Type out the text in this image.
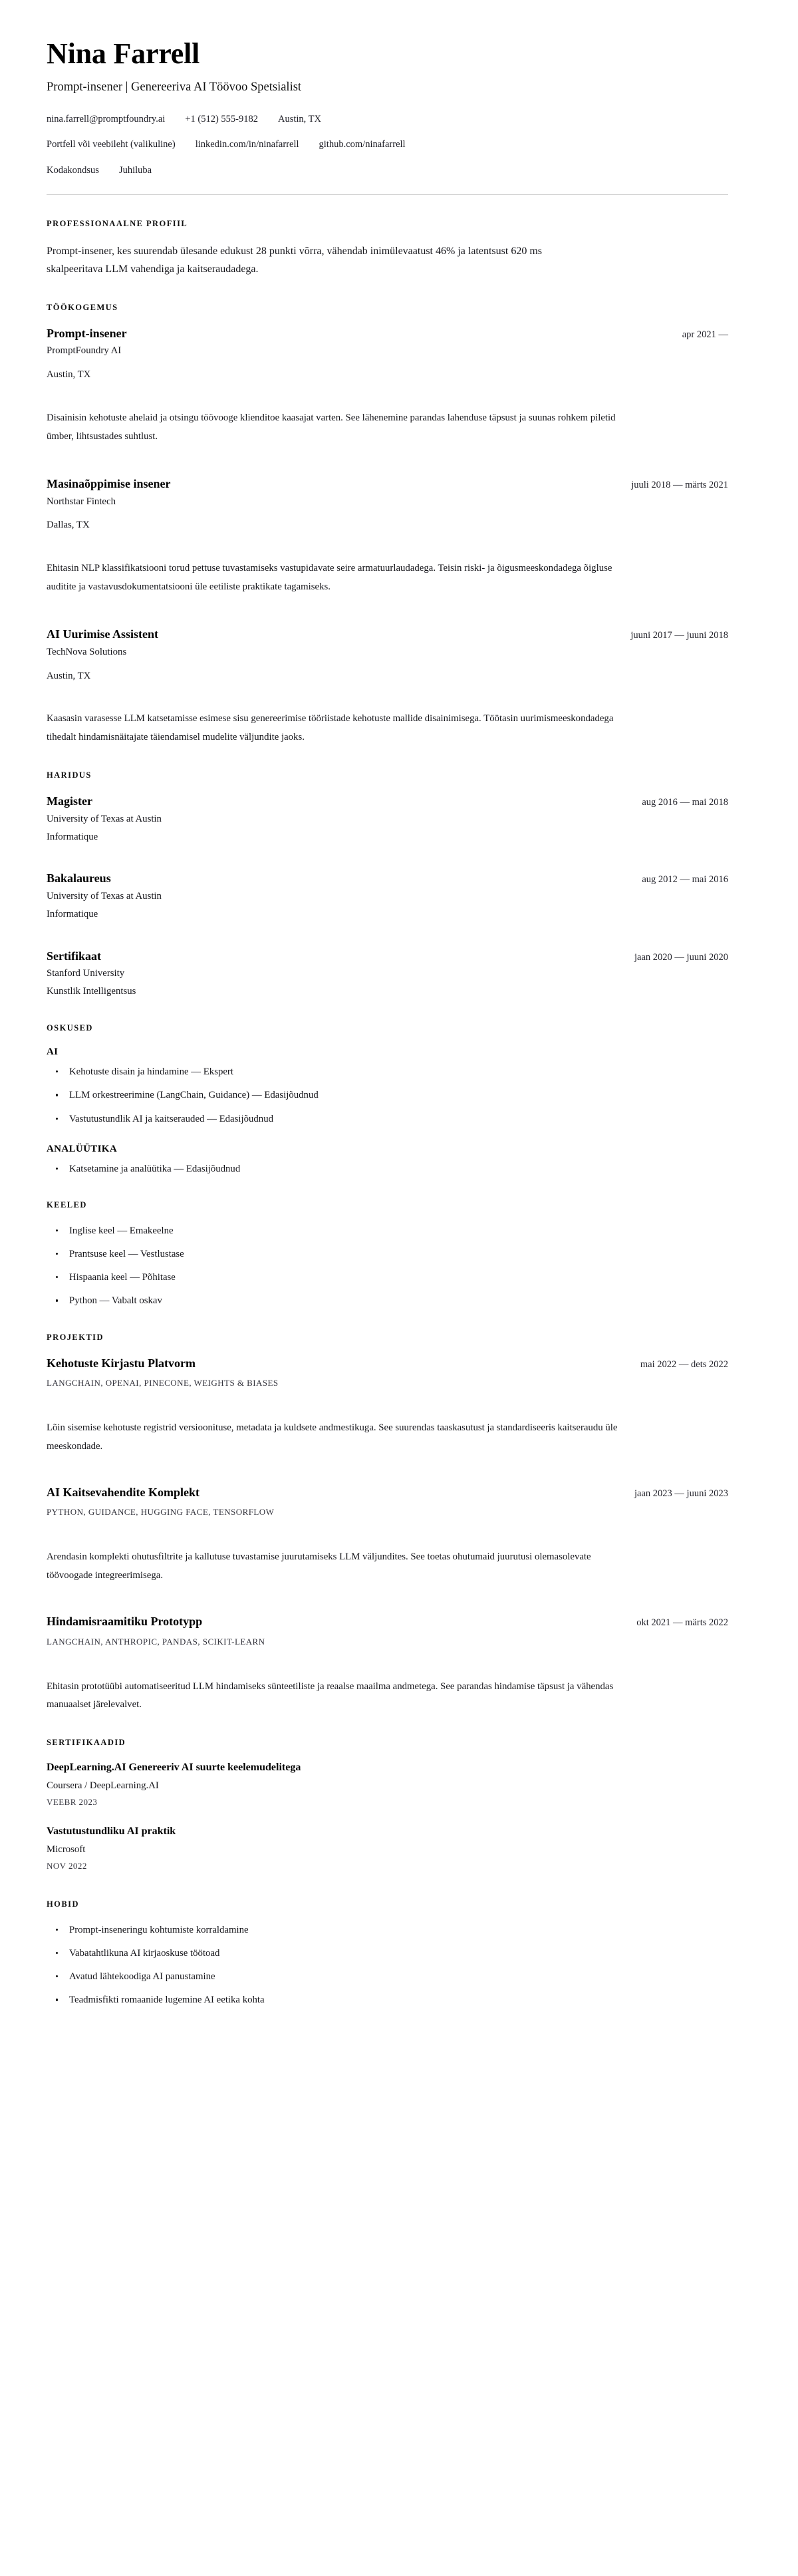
Nina Farrell

Prompt-insener | Genereeriva AI Töövoo Spetsialist

nina.farrell@promptfoundry.ai +1 (512) 555-9182 Austin, TX
Portfell või veebileht (valikuline) linkedin.com/in/ninafarrell github.com/ninafarrell
Kodakondsus Juhiluba
PROFESSIONAALNE PROFIIL

Prompt-insener, kes suurendab ülesande edukust 28 punkti võrra, vähendab inimülevaatust 46% ja latentsust 620 ms skalpeeritava LLM vahendiga ja kaitseraudadega.

TÖÖKOGEMUS
Prompt-insener	apr 2021 —

PromptFoundry AI

Austin, TX

Disainisin kehotuste ahelaid ja otsingu töövooge klienditoe kaasajat varten. See lähenemine parandas lahenduse täpsust ja suunas rohkem piletid ümber, lihtsustades suhtlust.

Masinaõppimise insener	juuli 2018 — märts 2021

Northstar Fintech

Dallas, TX

Ehitasin NLP klassifikatsiooni torud pettuse tuvastamiseks vastupidavate seire armatuurlaudadega. Teisin riski- ja õigusmeeskondadega õigluse auditite ja vastavusdokumentatsiooni üle eetiliste praktikate tagamiseks.

AI Uurimise Assistent	juuni 2017 — juuni 2018

TechNova Solutions

Austin, TX

Kaasasin varasesse LLM katsetamisse esimese sisu genereerimise tööriistade kehotuste mallide disainimisega. Töötasin uurimismeeskondadega tihedalt hindamisnäitajate täiendamisel mudelite väljundite jaoks.

HARIDUS
Magister	aug 2016 — mai 2018

University of Texas at Austin

Informatique

Bakalaureus	aug 2012 — mai 2016

University of Texas at Austin

Informatique

Sertifikaat	jaan 2020 — juuni 2020

Stanford University

Kunstlik Intelligentsus

OSKUSED
AI
Kehotuste disain ja hindamine — Ekspert
LLM orkestreerimine (LangChain, Guidance) — Edasijõudnud
Vastutustundlik AI ja kaitserauded — Edasijõudnud
ANALÜÜTIKA
Katsetamine ja analüütika — Edasijõudnud
KEELED
Inglise keel — Emakeelne
Prantsuse keel — Vestlustase
Hispaania keel — Põhitase
Python — Vabalt oskav
PROJEKTID
Kehotuste Kirjastu Platvorm	mai 2022 — dets 2022

LANGCHAIN, OPENAI, PINECONE, WEIGHTS & BIASES

Lõin sisemise kehotuste registrid versioonituse, metadata ja kuldsete andmestikuga. See suurendas taaskasutust ja standardiseeris kaitseraudu üle meeskondade.

AI Kaitsevahendite Komplekt	jaan 2023 — juuni 2023

PYTHON, GUIDANCE, HUGGING FACE, TENSORFLOW

Arendasin komplekti ohutusfiltrite ja kallutuse tuvastamise juurutamiseks LLM väljundites. See toetas ohutumaid juurutusi olemasolevate töövoogade integreerimisega.

Hindamisraamitiku Prototypp	okt 2021 — märts 2022

LANGCHAIN, ANTHROPIC, PANDAS, SCIKIT-LEARN

Ehitasin prototüübi automatiseeritud LLM hindamiseks sünteetiliste ja reaalse maailma andmetega. See parandas hindamise täpsust ja vähendas manuaalset järelevalvet.

SERTIFIKAADID
DeepLearning.AI Genereeriv AI suurte keelemudelitega

Coursera / DeepLearning.AI

VEEBR 2023

Vastutustundliku AI praktik

Microsoft

NOV 2022

HOBID
Prompt-inseneringu kohtumiste korraldamine
Vabatahtlikuna AI kirjaoskuse töötoad
Avatud lähtekoodiga AI panustamine
Teadmisfikti romaanide lugemine AI eetika kohta
